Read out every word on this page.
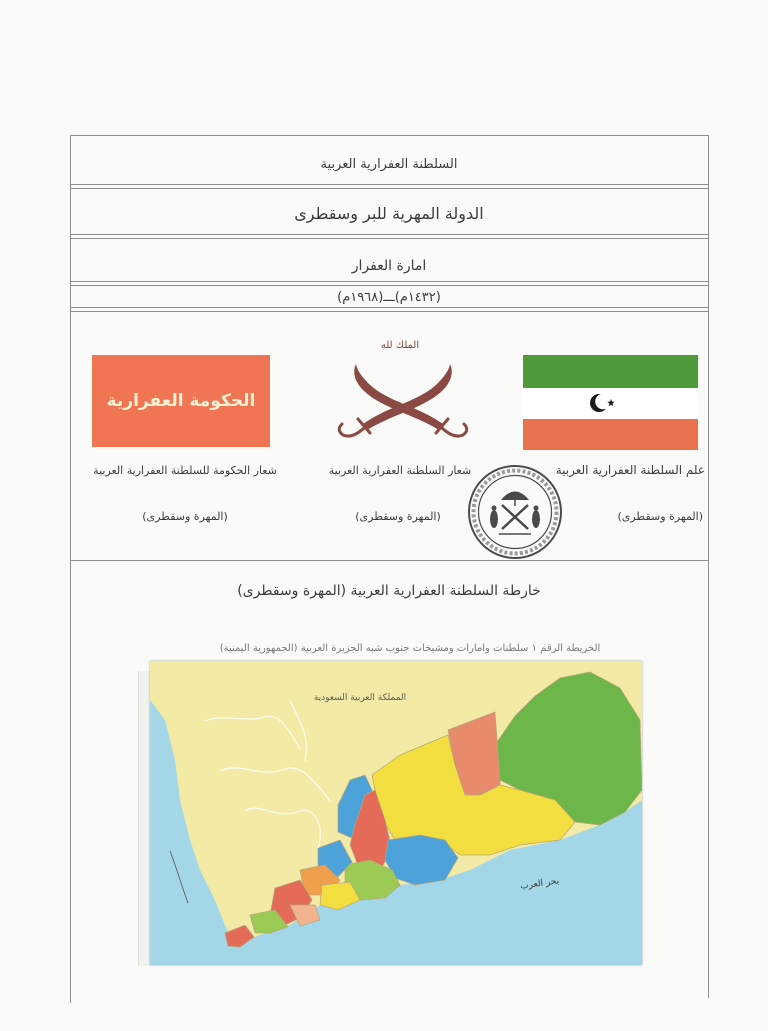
السلطنة العفرارية العربية
الدولة المهرية للبر وسقطرى
امارة العفرار
(١٤٣٢م)ـــ(١٩٦٨م)
الحكومة العفرارية
الملك لله
شعار الحكومة للسلطنة العفرارية العربية
(المهرة وسقطرى)
شعار السلطنة العفرارية العربية
(المهرة وسقطرى)
علم السلطنة العفرارية العربية
(المهرة وسقطرى)
خارطة السلطنة العفرارية العربية (المهرة وسقطرى)
الخريطة الرقم ١ سلطنات وامارات ومشيخات جنوب شبه الجزيرة العربية (الجمهورية اليمنية)
المملكة العربية السعودية
بحر العرب
